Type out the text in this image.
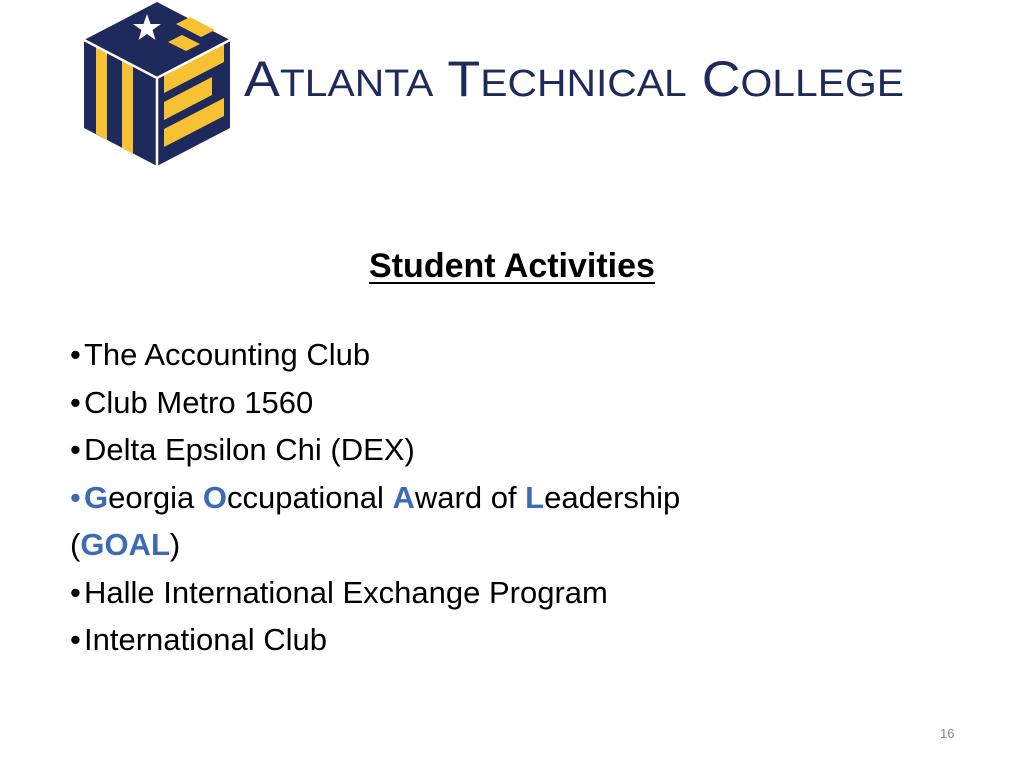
ATLANTA TECHNICAL COLLEGE
Student Activities
• The Accounting Club
• Club Metro 1560
• Delta Epsilon Chi (DEX)
• Georgia Occupational Award of Leadership
(GOAL)
• Halle International Exchange Program
• International Club
16
